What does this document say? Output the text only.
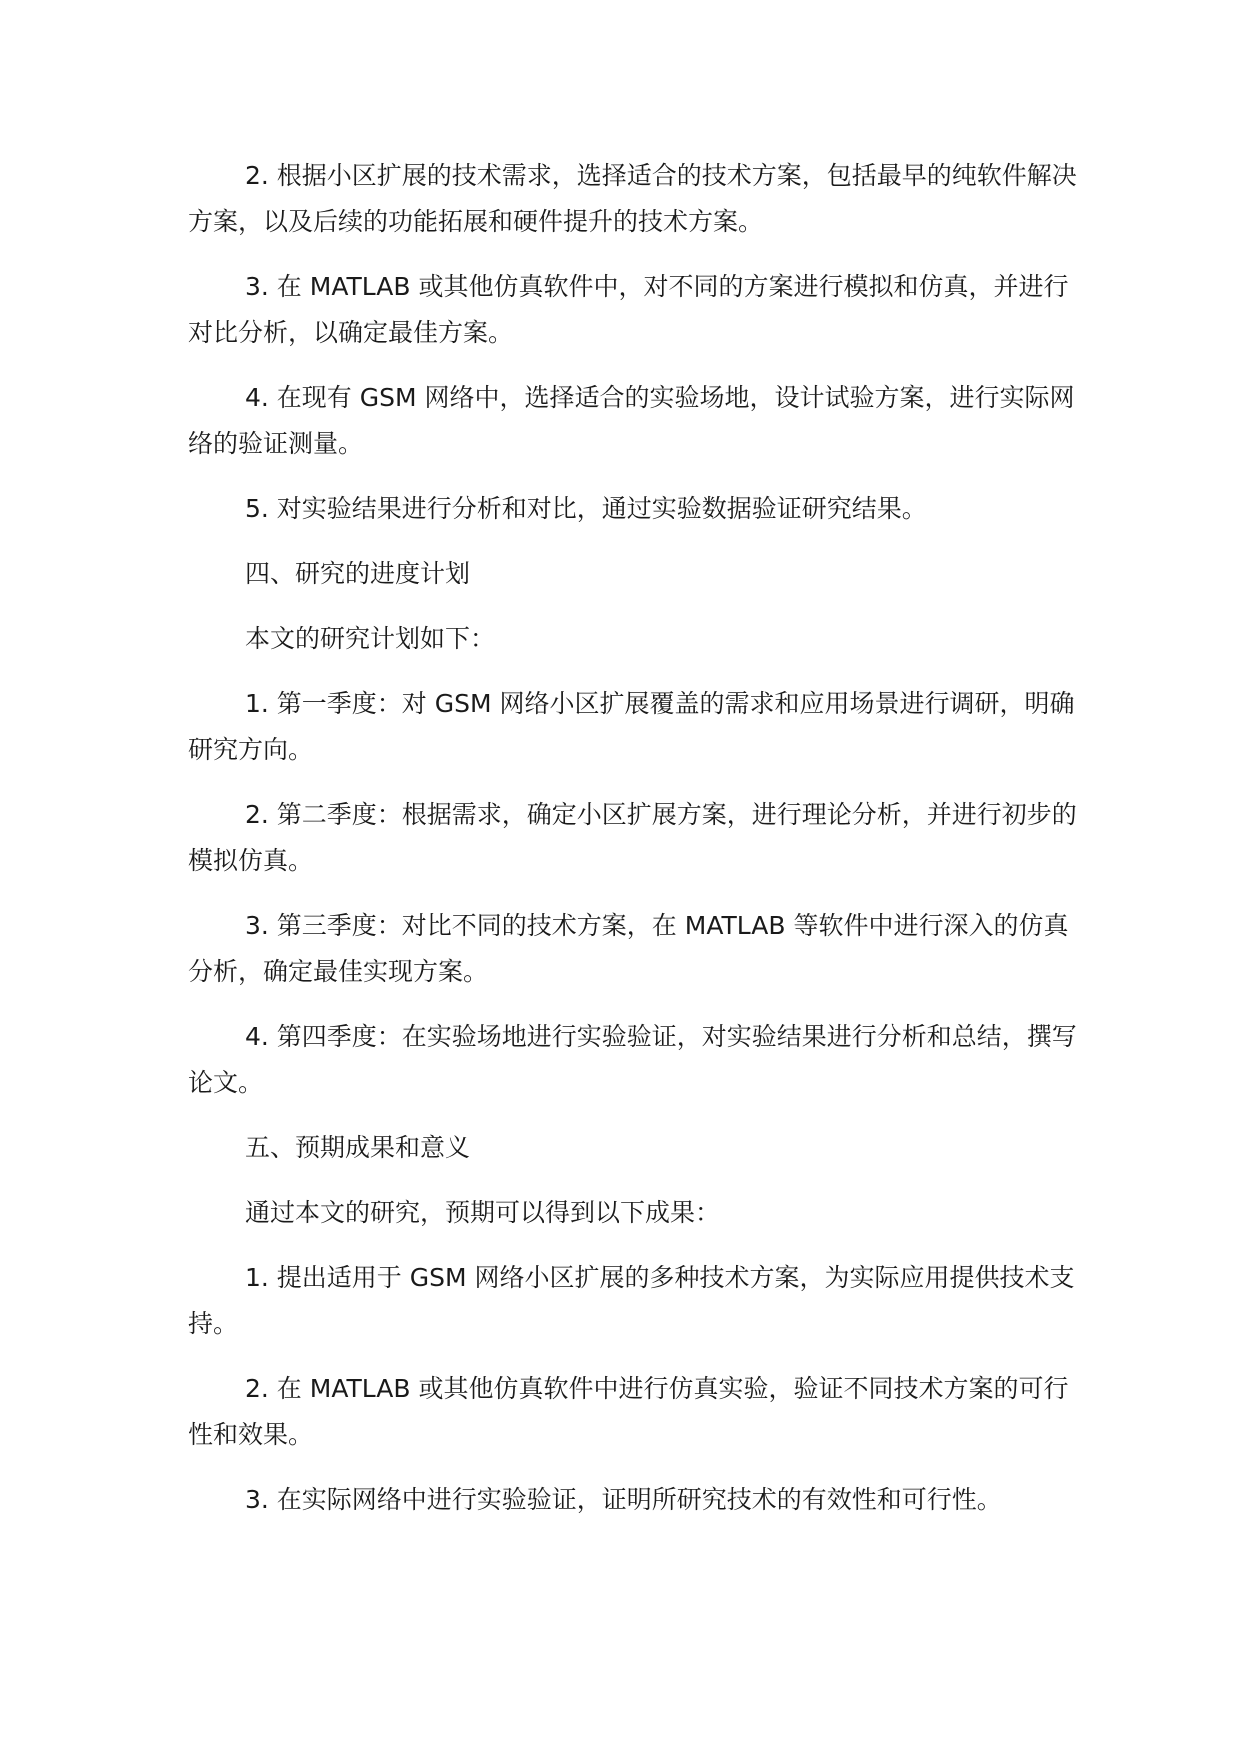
2. 根据小区扩展的技术需求，选择适合的技术方案，包括最早的纯软件解决方案，以及后续的功能拓展和硬件提升的技术方案。

3. 在 MATLAB 或其他仿真软件中，对不同的方案进行模拟和仿真，并进行对比分析，以确定最佳方案。

4. 在现有 GSM 网络中，选择适合的实验场地，设计试验方案，进行实际网络的验证测量。

5. 对实验结果进行分析和对比，通过实验数据验证研究结果。

四、研究的进度计划

本文的研究计划如下：

1. 第一季度：对 GSM 网络小区扩展覆盖的需求和应用场景进行调研，明确研究方向。

2. 第二季度：根据需求，确定小区扩展方案，进行理论分析，并进行初步的模拟仿真。

3. 第三季度：对比不同的技术方案，在 MATLAB 等软件中进行深入的仿真分析，确定最佳实现方案。

4. 第四季度：在实验场地进行实验验证，对实验结果进行分析和总结，撰写论文。

五、预期成果和意义

通过本文的研究，预期可以得到以下成果：

1. 提出适用于 GSM 网络小区扩展的多种技术方案，为实际应用提供技术支持。

2. 在 MATLAB 或其他仿真软件中进行仿真实验，验证不同技术方案的可行性和效果。

3. 在实际网络中进行实验验证，证明所研究技术的有效性和可行性。
